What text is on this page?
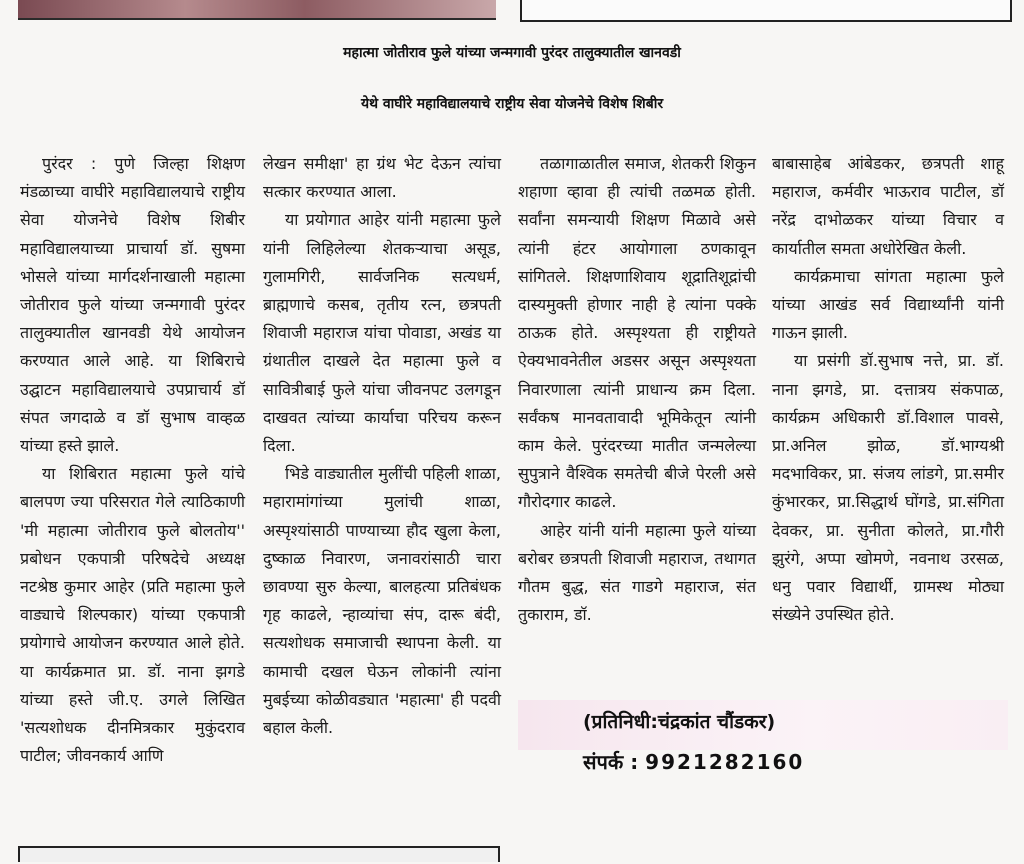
महात्मा जोतीराव फुले यांच्या जन्मगावी पुरंदर तालुक्यातील खानवडी
येथे वाघीरे महाविद्यालयाचे राष्ट्रीय सेवा योजनेचे विशेष शिबीर

पुरंदर : पुणे जिल्हा शिक्षण मंडळाच्या वाघीरे महाविद्यालयाचे राष्ट्रीय सेवा योजनेचे विशेष शिबीर महाविद्यालयाच्या प्राचार्या डॉ. सुषमा भोसले यांच्या मार्गदर्शनाखाली महात्मा जोतीराव फुले यांच्या जन्मगावी पुरंदर तालुक्यातील खानवडी येथे आयोजन करण्यात आले आहे. या शिबिराचे उद्घाटन महाविद्यालयाचे उपप्राचार्य डॉ संपत जगदाळे व डॉ सुभाष वाव्हळ यांच्या हस्ते झाले.

या शिबिरात महात्मा फुले यांचे बालपण ज्या परिसरात गेले त्याठिकाणी 'मी महात्मा जोतीराव फुले बोलतोय'' प्रबोधन एकपात्री परिषदेचे अध्यक्ष नटश्रेष्ठ कुमार आहेर (प्रति महात्मा फुले वाड्याचे शिल्पकार) यांच्या एकपात्री प्रयोगाचे आयोजन करण्यात आले होते. या कार्यक्रमात प्रा. डॉ. नाना झगडे यांच्या हस्ते जी.ए. उगले लिखित 'सत्यशोधक दीनमित्रकार मुकुंदराव पाटील; जीवनकार्य आणि

लेखन समीक्षा' हा ग्रंथ भेट देऊन त्यांचा सत्कार करण्यात आला.

या प्रयोगात आहेर यांनी महात्मा फुले यांनी लिहिलेल्या शेतकऱ्याचा असूड, गुलामगिरी, सार्वजनिक सत्यधर्म, ब्राह्मणाचे कसब, तृतीय रत्न, छत्रपती शिवाजी महाराज यांचा पोवाडा, अखंड या ग्रंथातील दाखले देत महात्मा फुले व सावित्रीबाई फुले यांचा जीवनपट उलगडून दाखवत त्यांच्या कार्याचा परिचय करून दिला.

भिडे वाड्यातील मुलींची पहिली शाळा, महारामांगांच्या मुलांची शाळा, अस्पृश्यांसाठी पाण्याच्या हौद खुला केला, दुष्काळ निवारण, जनावरांसाठी चारा छावण्या सुरु केल्या, बालहत्या प्रतिबंधक गृह काढले, न्हाव्यांचा संप, दारू बंदी, सत्यशोधक समाजाची स्थापना केली. या कामाची दखल घेऊन लोकांनी त्यांना मुबईच्या कोळीवड्यात 'महात्मा' ही पदवी बहाल केली.

तळागाळातील समाज, शेतकरी शिकुन शहाणा व्हावा ही त्यांची तळमळ होती. सर्वांना समन्यायी शिक्षण मिळावे असे त्यांनी हंटर आयोगाला ठणकावून सांगितले. शिक्षणाशिवाय शूद्रातिशूद्रांची दास्यमुक्ती होणार नाही हे त्यांना पक्के ठाऊक होते. अस्पृश्यता ही राष्ट्रीयते ऐक्यभावनेतील अडसर असून अस्पृश्यता निवारणाला त्यांनी प्राधान्य क्रम दिला. सर्वंकष मानवतावादी भूमिकेतून त्यांनी काम केले. पुरंदरच्या मातीत जन्मलेल्या सुपुत्राने वैश्विक समतेची बीजे पेरली असे गौरोदगार काढले.

आहेर यांनी यांनी महात्मा फुले यांच्या बरोबर छत्रपती शिवाजी महाराज, तथागत गौतम बुद्ध, संत गाडगे महाराज, संत तुकाराम, डॉ.

बाबासाहेब आंबेडकर, छत्रपती शाहू महाराज, कर्मवीर भाऊराव पाटील, डॉ नरेंद्र दाभोळकर यांच्या विचार व कार्यातील समता अधोरेखित केली.

कार्यक्रमाचा सांगता महात्मा फुले यांच्या आखंड सर्व विद्यार्थ्यांनी यांनी गाऊन झाली.

या प्रसंगी डॉ.सुभाष नत्ते, प्रा. डॉ. नाना झगडे, प्रा. दत्तात्रय संकपाळ, कार्यक्रम अधिकारी डॉ.विशाल पावसे, प्रा.अनिल झोळ, डॉ.भाग्यश्री मदभाविकर, प्रा. संजय लांडगे, प्रा.समीर कुंभारकर, प्रा.सिद्धार्थ घोंगडे, प्रा.संगिता देवकर, प्रा. सुनीता कोलते, प्रा.गौरी झुरंगे, अप्पा खोमणे, नवनाथ उरसळ, धनु पवार विद्यार्थी, ग्रामस्थ मोठ्या संख्येने उपस्थित होते.

(प्रतिनिधी:चंद्रकांत चौंडकर)
संपर्क : 9921282160
